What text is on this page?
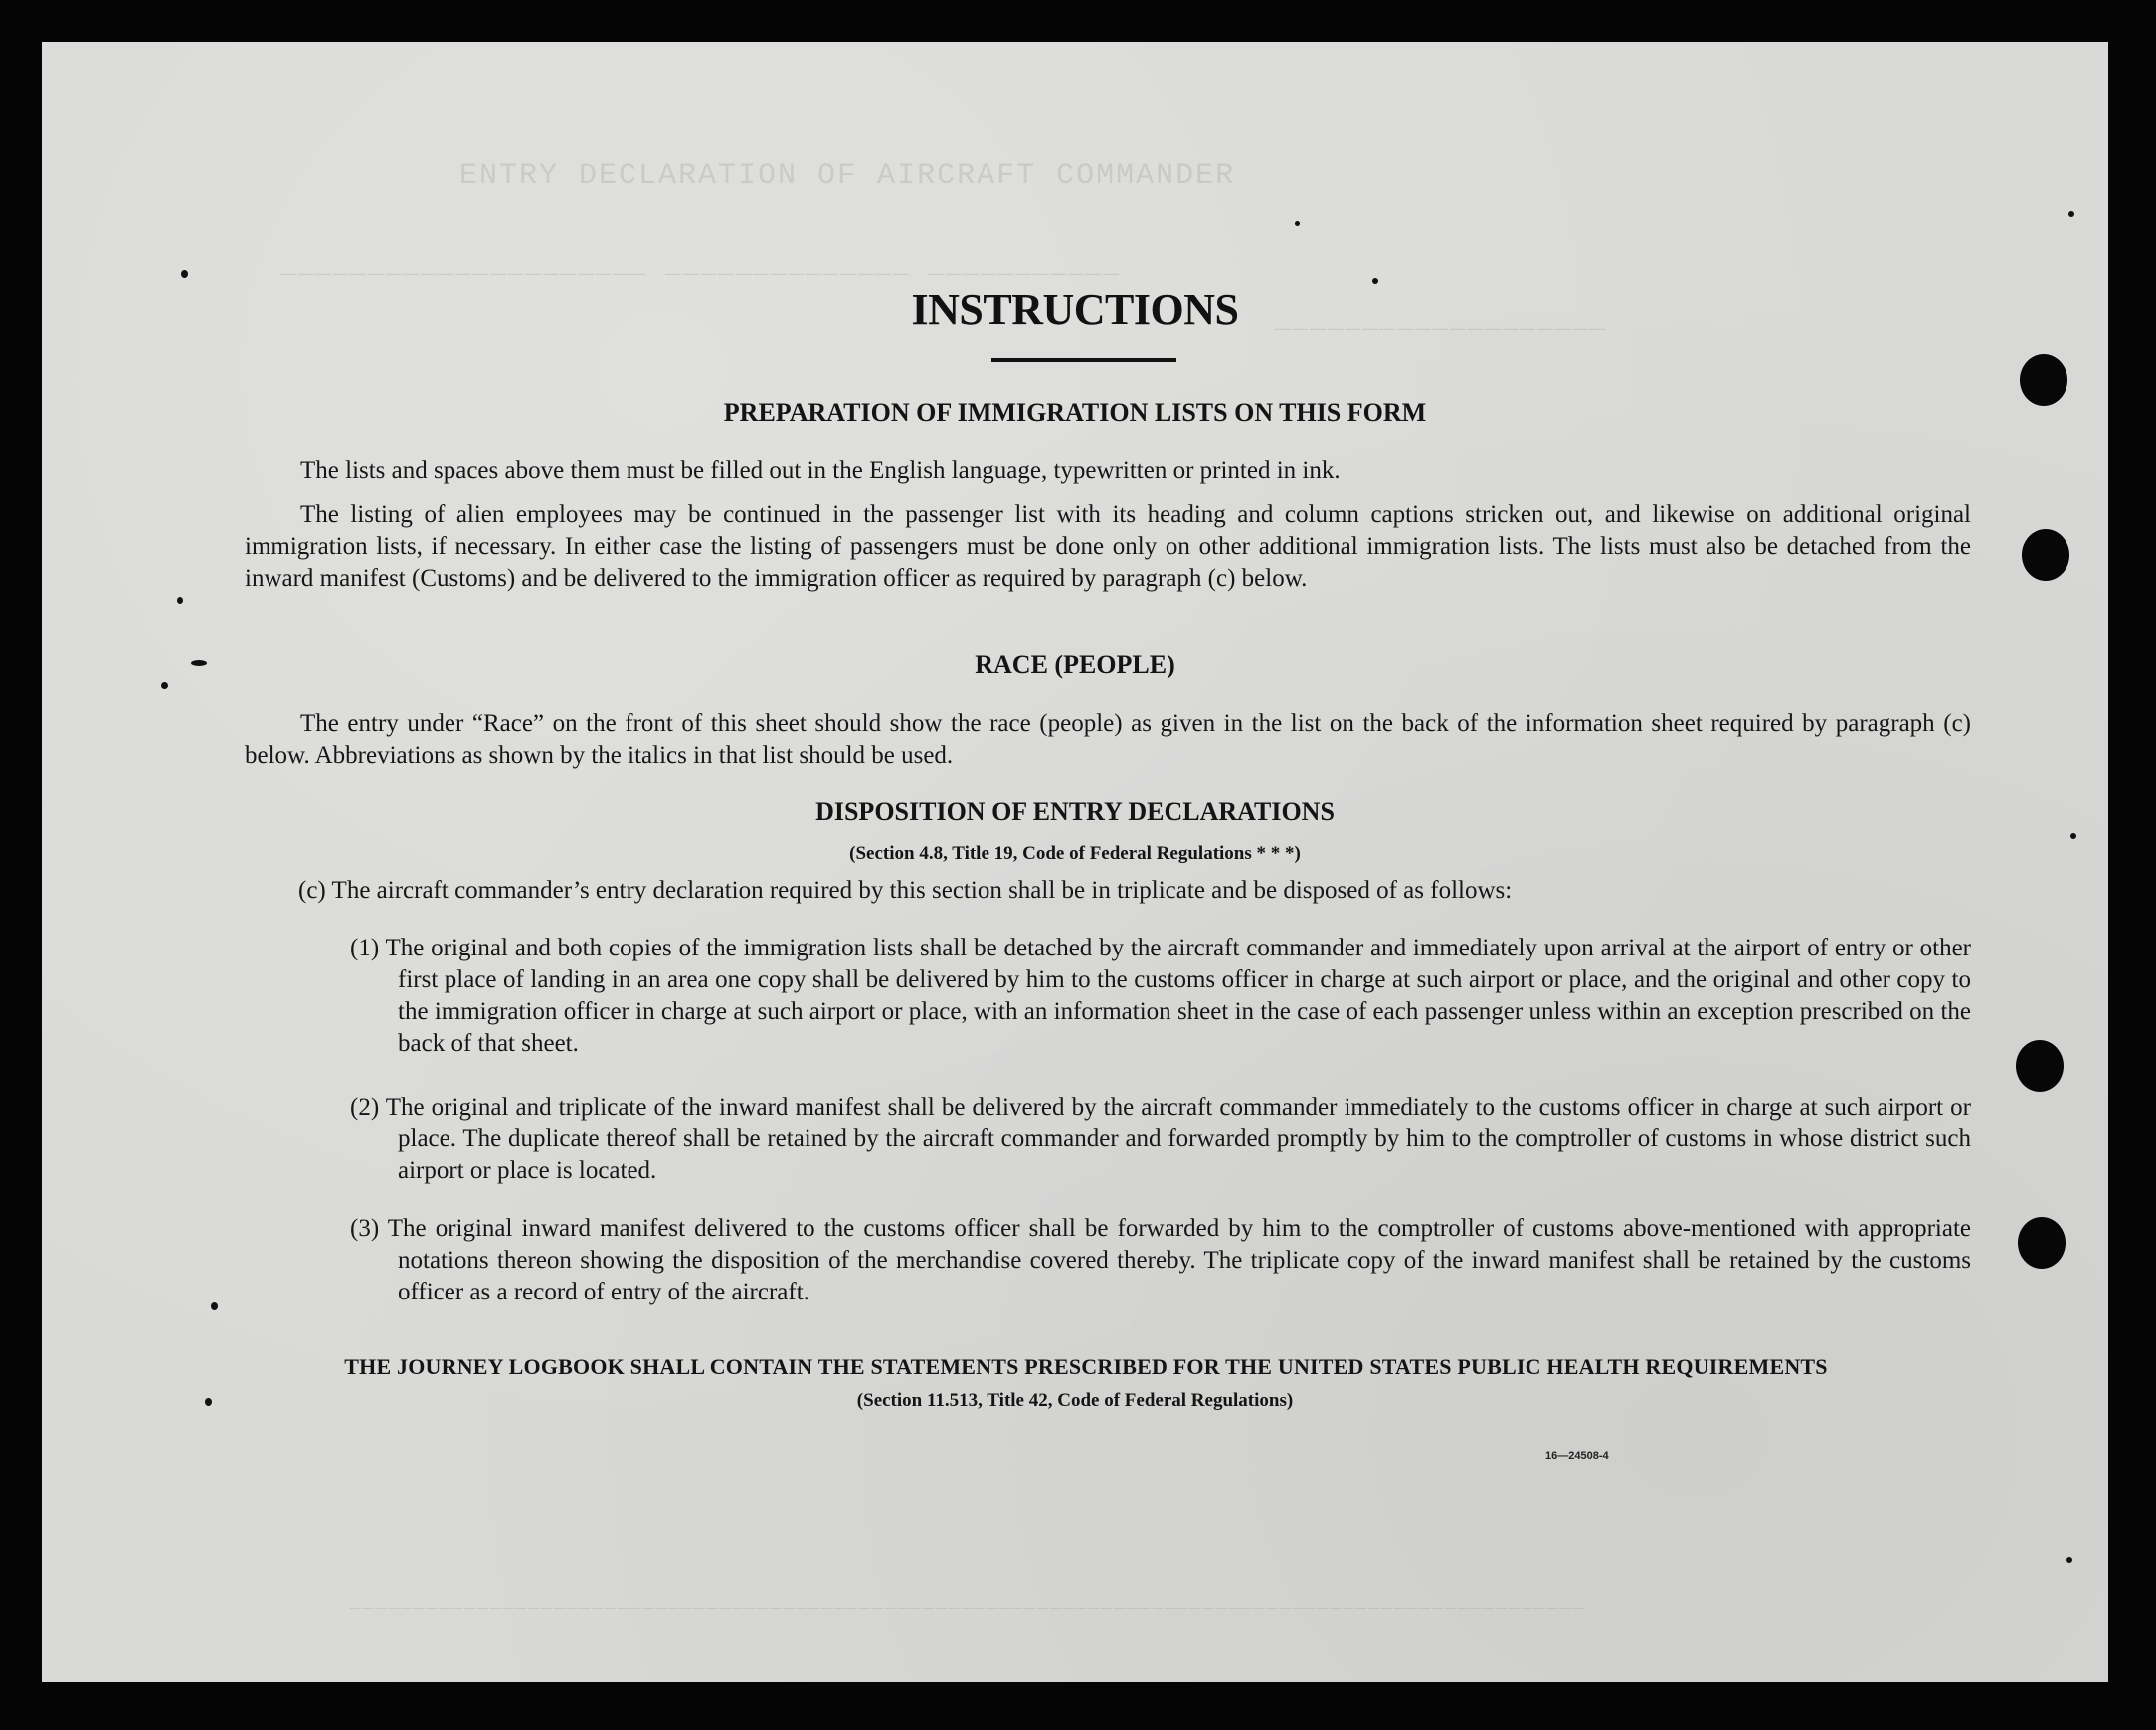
ENTRY DECLARATION OF AIRCRAFT COMMANDER
_____________________ ______________ ___________
___________________
_________________________________________________________________________________________________
INSTRUCTIONS
PREPARATION OF IMMIGRATION LISTS ON THIS FORM
The lists and spaces above them must be filled out in the English language, typewritten or printed in ink.
The listing of alien employees may be continued in the passenger list with its heading and column captions stricken out, and likewise on additional original immigration lists, if necessary. In either case the listing of passengers must be done only on other additional immigration lists. The lists must also be detached from the inward manifest (Customs) and be delivered to the immigration officer as required by paragraph (c) below.
RACE (PEOPLE)
The entry under “Race” on the front of this sheet should show the race (people) as given in the list on the back of the information sheet required by paragraph (c) below. Abbreviations as shown by the italics in that list should be used.
DISPOSITION OF ENTRY DECLARATIONS
(Section 4.8, Title 19, Code of Federal Regulations * * *)
(c) The aircraft commander’s entry declaration required by this section shall be in triplicate and be disposed of as follows:
(1) The original and both copies of the immigration lists shall be detached by the aircraft commander and immediately upon arrival at the airport of entry or other first place of landing in an area one copy shall be delivered by him to the customs officer in charge at such airport or place, and the original and other copy to the immigration officer in charge at such airport or place, with an information sheet in the case of each passenger unless within an exception prescribed on the back of that sheet.
(2) The original and triplicate of the inward manifest shall be delivered by the aircraft commander immediately to the customs officer in charge at such airport or place. The duplicate thereof shall be retained by the aircraft commander and forwarded promptly by him to the comptroller of customs in whose district such airport or place is located.
(3) The original inward manifest delivered to the customs officer shall be forwarded by him to the comptroller of customs above-mentioned with appropriate notations thereon showing the disposition of the merchandise covered thereby. The triplicate copy of the inward manifest shall be retained by the customs officer as a record of entry of the aircraft.
THE JOURNEY LOGBOOK SHALL CONTAIN THE STATEMENTS PRESCRIBED FOR THE UNITED STATES PUBLIC HEALTH REQUIREMENTS
(Section 11.513, Title 42, Code of Federal Regulations)
16—24508-4
